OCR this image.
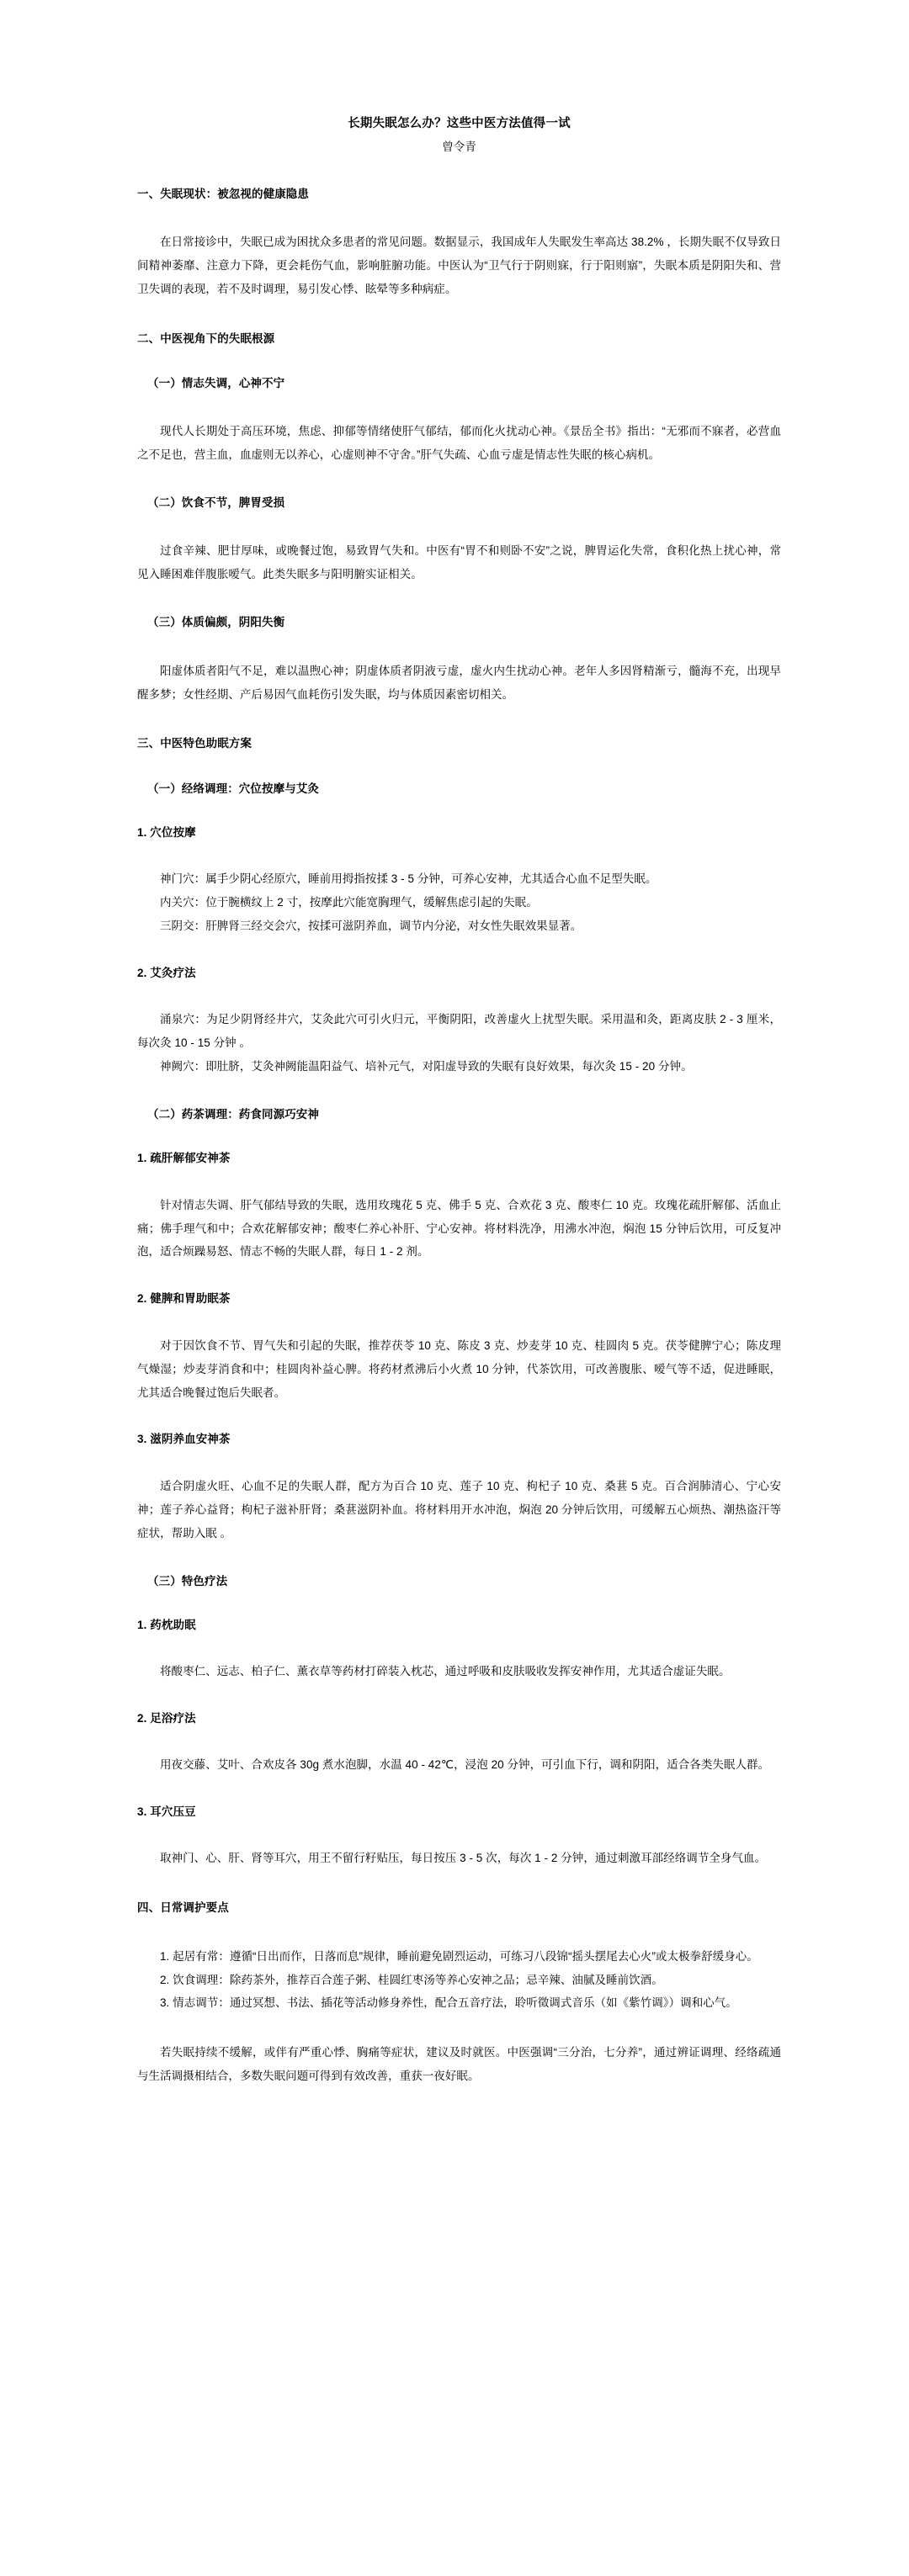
长期失眠怎么办？这些中医方法值得一试
曾令青
一、失眠现状：被忽视的健康隐患

在日常接诊中，失眠已成为困扰众多患者的常见问题。数据显示，我国成年人失眠发生率高达 38.2% ，长期失眠不仅导致日间精神萎靡、注意力下降，更会耗伤气血，影响脏腑功能。中医认为“卫气行于阴则寐，行于阳则寤”，失眠本质是阴阳失和、营卫失调的表现，若不及时调理，易引发心悸、眩晕等多种病症。

二、中医视角下的失眠根源
（一）情志失调，心神不宁

现代人长期处于高压环境，焦虑、抑郁等情绪使肝气郁结，郁而化火扰动心神。《景岳全书》指出：“无邪而不寐者，必营血之不足也，营主血，血虚则无以养心，心虚则神不守舍。”肝气失疏、心血亏虚是情志性失眠的核心病机。

（二）饮食不节，脾胃受损

过食辛辣、肥甘厚味，或晚餐过饱，易致胃气失和。中医有“胃不和则卧不安”之说，脾胃运化失常，食积化热上扰心神，常见入睡困难伴腹胀嗳气。此类失眠多与阳明腑实证相关。

（三）体质偏颇，阴阳失衡

阳虚体质者阳气不足，难以温煦心神；阴虚体质者阴液亏虚，虚火内生扰动心神。老年人多因肾精渐亏，髓海不充，出现早醒多梦；女性经期、产后易因气血耗伤引发失眠，均与体质因素密切相关。

三、中医特色助眠方案
（一）经络调理：穴位按摩与艾灸
1. 穴位按摩

神门穴：属手少阴心经原穴，睡前用拇指按揉 3 - 5 分钟，可养心安神，尤其适合心血不足型失眠。

内关穴：位于腕横纹上 2 寸，按摩此穴能宽胸理气，缓解焦虑引起的失眠。

三阴交：肝脾肾三经交会穴，按揉可滋阴养血，调节内分泌，对女性失眠效果显著。

2. 艾灸疗法

涌泉穴：为足少阴肾经井穴，艾灸此穴可引火归元，平衡阴阳，改善虚火上扰型失眠。采用温和灸，距离皮肤 2 - 3 厘米，每次灸 10 - 15 分钟 。

神阙穴：即肚脐，艾灸神阙能温阳益气、培补元气，对阳虚导致的失眠有良好效果，每次灸 15 - 20 分钟。

（二）药茶调理：药食同源巧安神
1. 疏肝解郁安神茶

针对情志失调、肝气郁结导致的失眠，选用玫瑰花 5 克、佛手 5 克、合欢花 3 克、酸枣仁 10 克。玫瑰花疏肝解郁、活血止痛；佛手理气和中；合欢花解郁安神；酸枣仁养心补肝、宁心安神。将材料洗净，用沸水冲泡，焖泡 15 分钟后饮用，可反复冲泡，适合烦躁易怒、情志不畅的失眠人群，每日 1 - 2 剂。

2. 健脾和胃助眠茶

对于因饮食不节、胃气失和引起的失眠，推荐茯苓 10 克、陈皮 3 克、炒麦芽 10 克、桂圆肉 5 克。茯苓健脾宁心；陈皮理气燥湿；炒麦芽消食和中；桂圆肉补益心脾。将药材煮沸后小火煮 10 分钟，代茶饮用，可改善腹胀、嗳气等不适，促进睡眠，尤其适合晚餐过饱后失眠者。

3. 滋阴养血安神茶

适合阴虚火旺、心血不足的失眠人群，配方为百合 10 克、莲子 10 克、枸杞子 10 克、桑葚 5 克。百合润肺清心、宁心安神；莲子养心益肾；枸杞子滋补肝肾；桑葚滋阴补血。将材料用开水冲泡，焖泡 20 分钟后饮用，可缓解五心烦热、潮热盗汗等症状，帮助入眠 。

（三）特色疗法
1. 药枕助眠

将酸枣仁、远志、柏子仁、薰衣草等药材打碎装入枕芯，通过呼吸和皮肤吸收发挥安神作用，尤其适合虚证失眠。

2. 足浴疗法

用夜交藤、艾叶、合欢皮各 30g 煮水泡脚，水温 40 - 42℃，浸泡 20 分钟，可引血下行，调和阴阳，适合各类失眠人群。

3. 耳穴压豆

取神门、心、肝、肾等耳穴，用王不留行籽贴压，每日按压 3 - 5 次，每次 1 - 2 分钟，通过刺激耳部经络调节全身气血。

四、日常调护要点

1. 起居有常：遵循“日出而作，日落而息”规律，睡前避免剧烈运动，可练习八段锦“摇头摆尾去心火”或太极拳舒缓身心。

2. 饮食调理：除药茶外，推荐百合莲子粥、桂圆红枣汤等养心安神之品；忌辛辣、油腻及睡前饮酒。

3. 情志调节：通过冥想、书法、插花等活动修身养性，配合五音疗法，聆听徵调式音乐（如《紫竹调》）调和心气。

若失眠持续不缓解，或伴有严重心悸、胸痛等症状，建议及时就医。中医强调“三分治，七分养”，通过辨证调理、经络疏通与生活调摄相结合，多数失眠问题可得到有效改善，重获一夜好眠。
